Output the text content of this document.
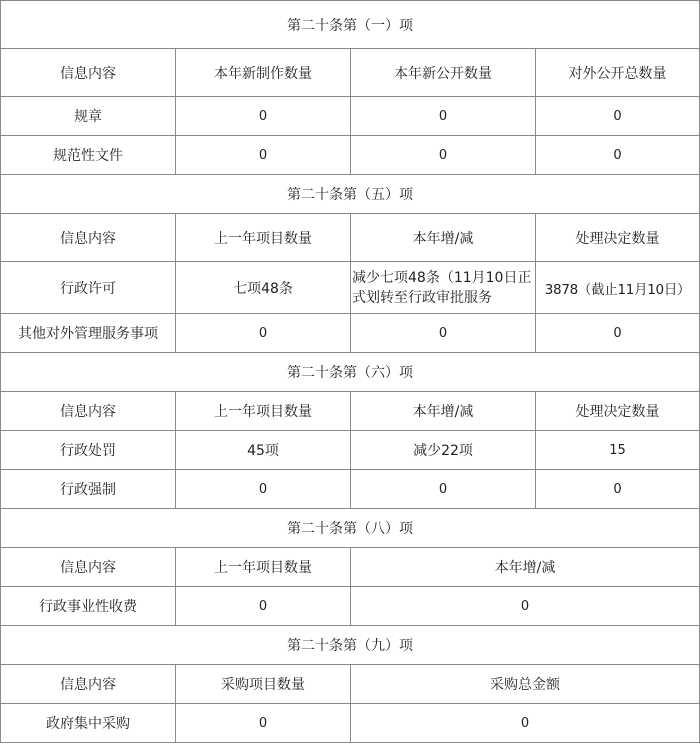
第二十条第（一）项			
信息内容	本年新制作数量	本年新公开数量	对外公开总数量
规章	0	0	0
规范性文件	0	0	0
第二十条第（五）项			
信息内容	上一年项目数量	本年增/减	处理决定数量
行政许可	七项48条	减少七项48条（11月10日正式划转至行政审批服务	3878（截止11月10日）
其他对外管理服务事项	0	0	0
第二十条第（六）项			
信息内容	上一年项目数量	本年增/减	处理决定数量
行政处罚	45项	减少22项	15
行政强制	0	0	0
第二十条第（八）项			
信息内容	上一年项目数量	本年增/减	
行政事业性收费	0	0	
第二十条第（九）项			
信息内容	采购项目数量	采购总金额	
政府集中采购	0	0	
